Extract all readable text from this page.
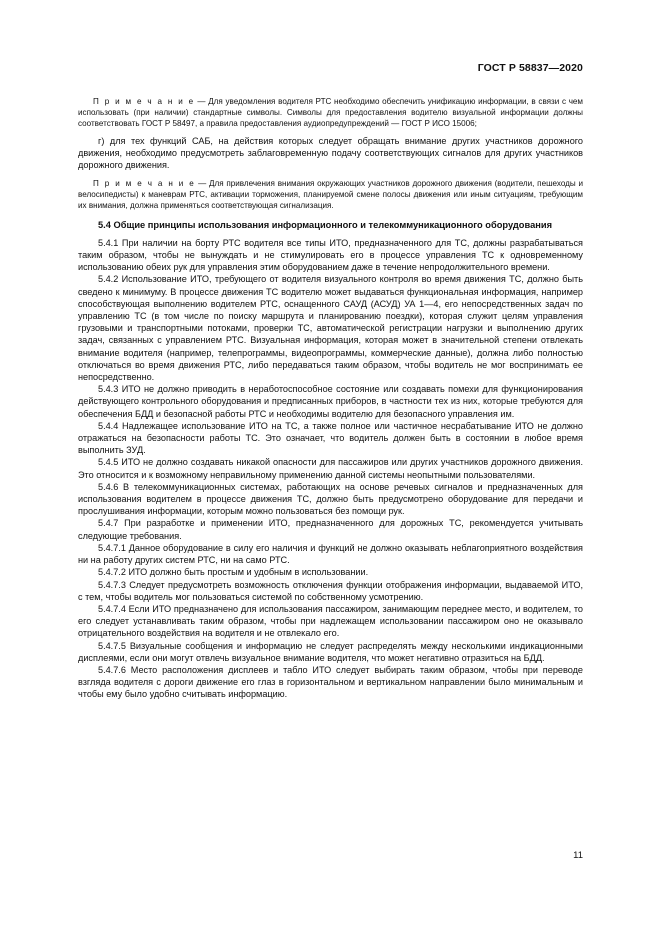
ГОСТ Р 58837—2020

П р и м е ч а н и е — Для уведомления водителя РТС необходимо обеспечить унификацию информации, в связи с чем использовать (при наличии) стандартные символы. Символы для предоставления водителю визуальной информации должны соответствовать ГОСТ Р 58497, а правила предоставления аудиопредупреждений — ГОСТ Р ИСО 15006;

г) для тех функций САБ, на действия которых следует обращать внимание других участников дорожного движения, необходимо предусмотреть заблаговременную подачу соответствующих сигналов для других участников дорожного движения.

П р и м е ч а н и е — Для привлечения внимания окружающих участников дорожного движения (водители, пешеходы и велосипедисты) к маневрам РТС, активации торможения, планируемой смене полосы движения или иным ситуациям, требующим их внимания, должна применяться соответствующая сигнализация.

5.4 Общие принципы использования информационного и телекоммуникационного оборудования

5.4.1 При наличии на борту РТС водителя все типы ИТО, предназначенного для ТС, должны разрабатываться таким образом, чтобы не вынуждать и не стимулировать его в процессе управления ТС к одновременному использованию обеих рук для управления этим оборудованием даже в течение непродолжительного времени.

5.4.2 Использование ИТО, требующего от водителя визуального контроля во время движения ТС, должно быть сведено к минимуму. В процессе движения ТС водителю может выдаваться функциональная информация, например способствующая выполнению водителем РТС, оснащенного САУД (АСУД) УА 1—4, его непосредственных задач по управлению ТС (в том числе по поиску маршрута и планированию поездки), которая служит целям управления грузовыми и транспортными потоками, проверки ТС, автоматической регистрации нагрузки и выполнению других задач, связанных с управлением РТС. Визуальная информация, которая может в значительной степени отвлекать внимание водителя (например, телепрограммы, видеопрограммы, коммерческие данные), должна либо полностью отключаться во время движения РТС, либо передаваться таким образом, чтобы водитель не мог воспринимать ее непосредственно.

5.4.3 ИТО не должно приводить в неработоспособное состояние или создавать помехи для функционирования действующего контрольного оборудования и предписанных приборов, в частности тех из них, которые требуются для обеспечения БДД и безопасной работы РТС и необходимы водителю для безопасного управления им.

5.4.4 Надлежащее использование ИТО на ТС, а также полное или частичное несрабатывание ИТО не должно отражаться на безопасности работы ТС. Это означает, что водитель должен быть в состоянии в любое время выполнить ЗУД.

5.4.5 ИТО не должно создавать никакой опасности для пассажиров или других участников дорожного движения. Это относится и к возможному неправильному применению данной системы неопытными пользователями.

5.4.6 В телекоммуникационных системах, работающих на основе речевых сигналов и предназначенных для использования водителем в процессе движения ТС, должно быть предусмотрено оборудование для передачи и прослушивания информации, которым можно пользоваться без помощи рук.

5.4.7 При разработке и применении ИТО, предназначенного для дорожных ТС, рекомендуется учитывать следующие требования.

5.4.7.1 Данное оборудование в силу его наличия и функций не должно оказывать неблагоприятного воздействия ни на работу других систем РТС, ни на само РТС.

5.4.7.2 ИТО должно быть простым и удобным в использовании.

5.4.7.3 Следует предусмотреть возможность отключения функции отображения информации, выдаваемой ИТО, с тем, чтобы водитель мог пользоваться системой по собственному усмотрению.

5.4.7.4 Если ИТО предназначено для использования пассажиром, занимающим переднее место, и водителем, то его следует устанавливать таким образом, чтобы при надлежащем использовании пассажиром оно не оказывало отрицательного воздействия на водителя и не отвлекало его.

5.4.7.5 Визуальные сообщения и информацию не следует распределять между несколькими индикационными дисплеями, если они могут отвлечь визуальное внимание водителя, что может негативно отразиться на БДД.

5.4.7.6 Место расположения дисплеев и табло ИТО следует выбирать таким образом, чтобы при переводе взгляда водителя с дороги движение его глаз в горизонтальном и вертикальном направлении было минимальным и чтобы ему было удобно считывать информацию.

11
